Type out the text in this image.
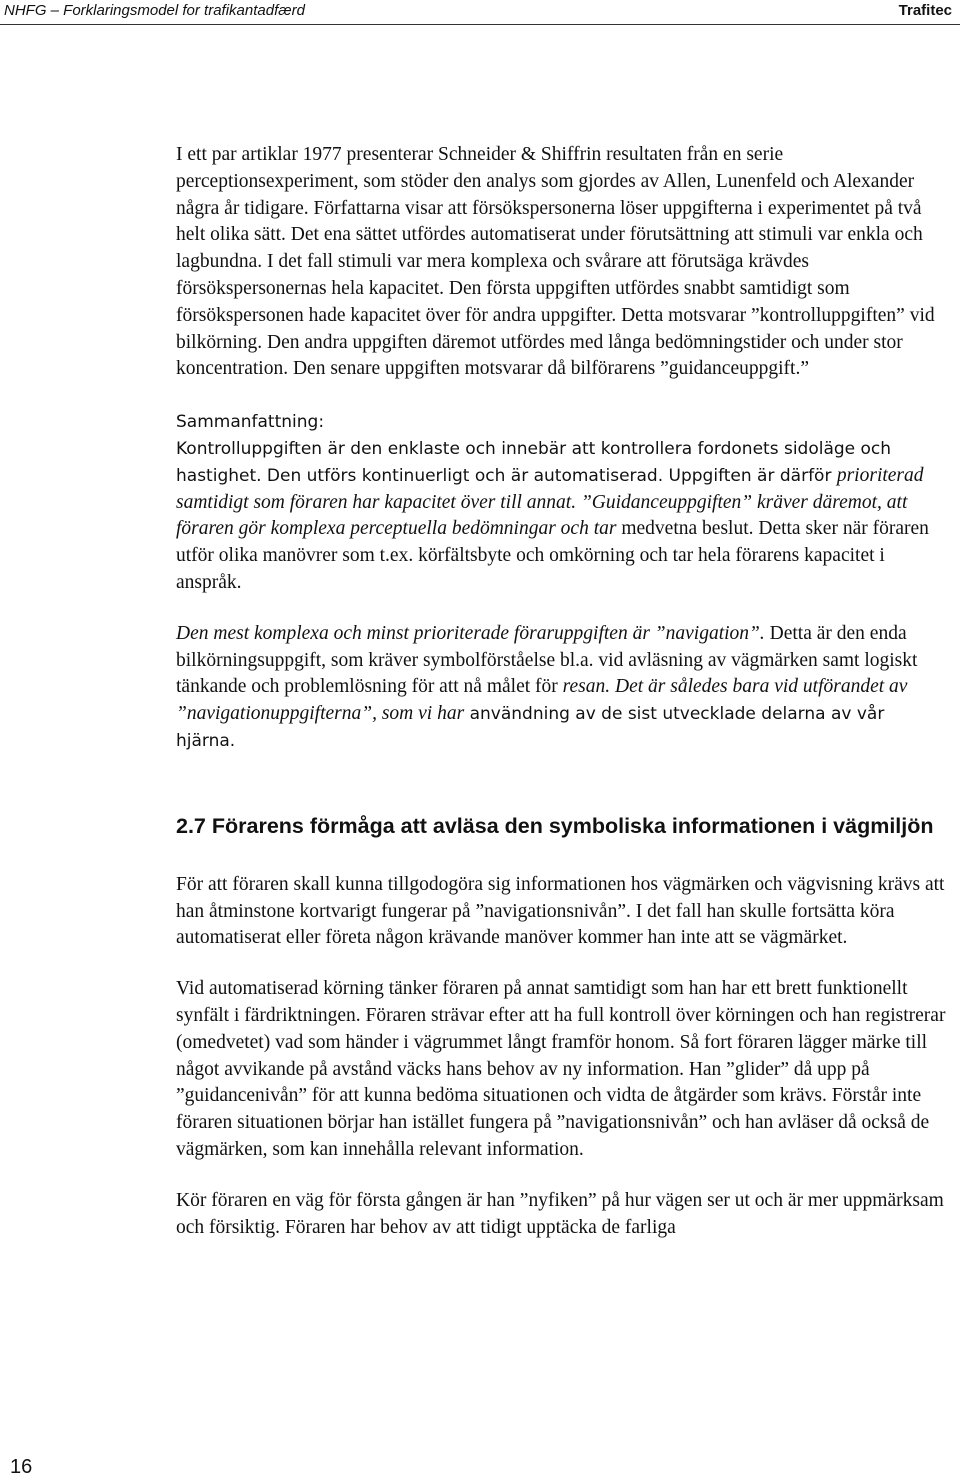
NHFG – Forklaringsmodel for trafikantadfærd	Trafitec

I ett par artiklar 1977 presenterar Schneider & Shiffrin resultaten från en serie perceptionsexperiment, som stöder den analys som gjordes av Allen, Lunenfeld och Alexander några år tidigare. Författarna visar att försökspersonerna löser uppgifterna i experimentet på två helt olika sätt. Det ena sättet utfördes automatiserat under förutsättning att stimuli var enkla och lagbundna. I det fall stimuli var mera komplexa och svårare att förutsäga krävdes försökspersonernas hela kapacitet. Den första uppgiften utfördes snabbt samtidigt som försökspersonen hade kapacitet över för andra uppgifter. Detta motsvarar ”kontrolluppgiften” vid bilkörning. Den andra uppgiften däremot utfördes med långa bedömningstider och under stor koncentration. Den senare uppgiften motsvarar då bilförarens ”guidanceuppgift.”

Sammanfattning:

Kontrolluppgiften är den enklaste och innebär att kontrollera fordonets sidoläge och hastighet. Den utförs kontinuerligt och är automatiserad. Uppgiften är därför prioriterad samtidigt som föraren har kapacitet över till annat. ”Guidanceuppgiften” kräver däremot, att föraren gör komplexa perceptuella bedömningar och tar medvetna beslut. Detta sker när föraren utför olika manövrer som t.ex. körfältsbyte och omkörning och tar hela förarens kapacitet i anspråk.

Den mest komplexa och minst prioriterade föraruppgiften är ”navigation”. Detta är den enda bilkörningsuppgift, som kräver symbolförståelse bl.a. vid avläsning av vägmärken samt logiskt tänkande och problemlösning för att nå målet för resan. Det är således bara vid utförandet av ”navigationuppgifterna”, som vi har användning av de sist utvecklade delarna av vår hjärna.

2.7 Förarens förmåga att avläsa den symboliska informationen i vägmiljön

För att föraren skall kunna tillgodogöra sig informationen hos vägmärken och vägvisning krävs att han åtminstone kortvarigt fungerar på ”navigationsnivån”. I det fall han skulle fortsätta köra automatiserat eller företa någon krävande manöver kommer han inte att se vägmärket.

Vid automatiserad körning tänker föraren på annat samtidigt som han har ett brett funktionellt synfält i färdriktningen. Föraren strävar efter att ha full kontroll över körningen och han registrerar (omedvetet) vad som händer i vägrummet långt framför honom. Så fort föraren lägger märke till något avvikande på avstånd väcks hans behov av ny information. Han ”glider” då upp på ”guidancenivån” för att kunna bedöma situationen och vidta de åtgärder som krävs. Förstår inte föraren situationen börjar han istället fungera på ”navigationsnivån” och han avläser då också de vägmärken, som kan innehålla relevant information.

Kör föraren en väg för första gången är han ”nyfiken” på hur vägen ser ut och är mer uppmärksam och försiktig. Föraren har behov av att tidigt upptäcka de farliga

16
